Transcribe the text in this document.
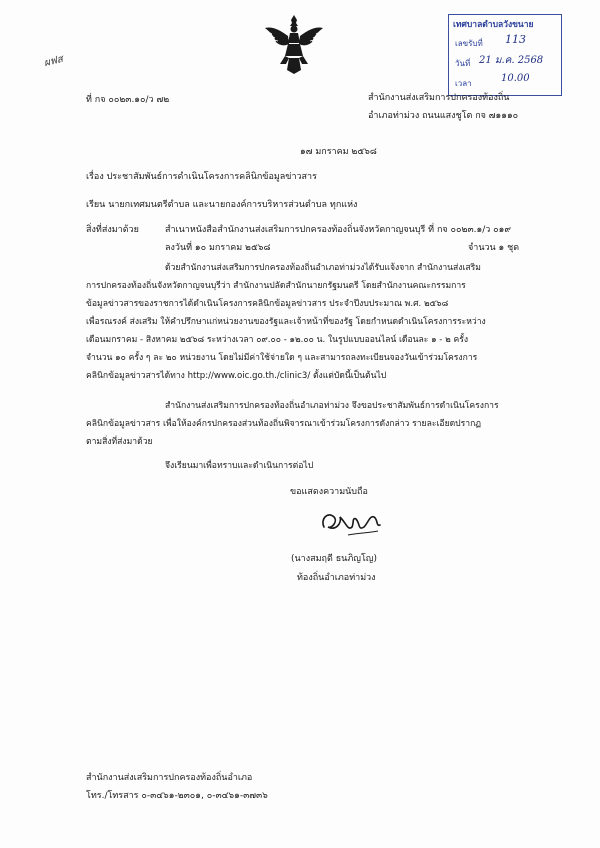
ผฟส
เทศบาลตำบลวังขนาย
เลขรับที่ 113
วันที่ 21 ม.ค. 2568
เวลา	10.00
ที่ กจ ๐๐๒๓.๑๐/ว ๗๒	สำนักงานส่งเสริมการปกครองท้องถิ่น
อำเภอท่าม่วง ถนนแสงชูโต กจ ๗๑๑๑๐
๑๗ มกราคม ๒๕๖๘
เรื่อง ประชาสัมพันธ์การดำเนินโครงการคลินิกข้อมูลข่าวสาร
เรียน นายกเทศมนตรีตำบล และนายกองค์การบริหารส่วนตำบล ทุกแห่ง
สิ่งที่ส่งมาด้วย	สำเนาหนังสือสำนักงานส่งเสริมการปกครองท้องถิ่นจังหวัดกาญจนบุรี ที่ กจ ๐๐๒๓.๑/ว ๐๑๙
ลงวันที่ ๑๐ มกราคม ๒๕๖๘	จำนวน ๑ ชุด
ด้วยสำนักงานส่งเสริมการปกครองท้องถิ่นอำเภอท่าม่วงได้รับแจ้งจาก สำนักงานส่งเสริม
การปกครองท้องถิ่นจังหวัดกาญจนบุรีว่า สำนักงานปลัดสำนักนายกรัฐมนตรี โดยสำนักงานคณะกรรมการ
ข้อมูลข่าวสารของราชการได้ดำเนินโครงการคลินิกข้อมูลข่าวสาร ประจำปีงบประมาณ พ.ศ. ๒๕๖๘
เพื่อรณรงค์ ส่งเสริม ให้คำปรึกษาแก่หน่วยงานของรัฐและเจ้าหน้าที่ของรัฐ โดยกำหนดดำเนินโครงการระหว่าง
เดือนมกราคม - สิงหาคม ๒๕๖๘ ระหว่างเวลา ๐๙.๐๐ - ๑๒.๐๐ น. ในรูปแบบออนไลน์ เดือนละ ๑ - ๒ ครั้ง
จำนวน ๑๐ ครั้ง ๆ ละ ๒๐ หน่วยงาน โดยไม่มีค่าใช้จ่ายใด ๆ และสามารถลงทะเบียนจองวันเข้าร่วมโครงการ
คลินิกข้อมูลข่าวสารได้ทาง http://www.oic.go.th./clinic3/ ตั้งแต่บัดนี้เป็นต้นไป
สำนักงานส่งเสริมการปกครองท้องถิ่นอำเภอท่าม่วง จึงขอประชาสัมพันธ์การดำเนินโครงการ
คลินิกข้อมูลข่าวสาร เพื่อให้องค์กรปกครองส่วนท้องถิ่นพิจารณาเข้าร่วมโครงการดังกล่าว รายละเอียดปรากฏ
ตามสิ่งที่ส่งมาด้วย
จึงเรียนมาเพื่อทราบและดำเนินการต่อไป
ขอแสดงความนับถือ
(นางสมฤดี ธนภิญโญ)
ท้องถิ่นอำเภอท่าม่วง
สำนักงานส่งเสริมการปกครองท้องถิ่นอำเภอ
โทร./โทรสาร ๐-๓๔๖๑-๒๓๐๑, ๐-๓๔๖๑-๓๗๓๖
